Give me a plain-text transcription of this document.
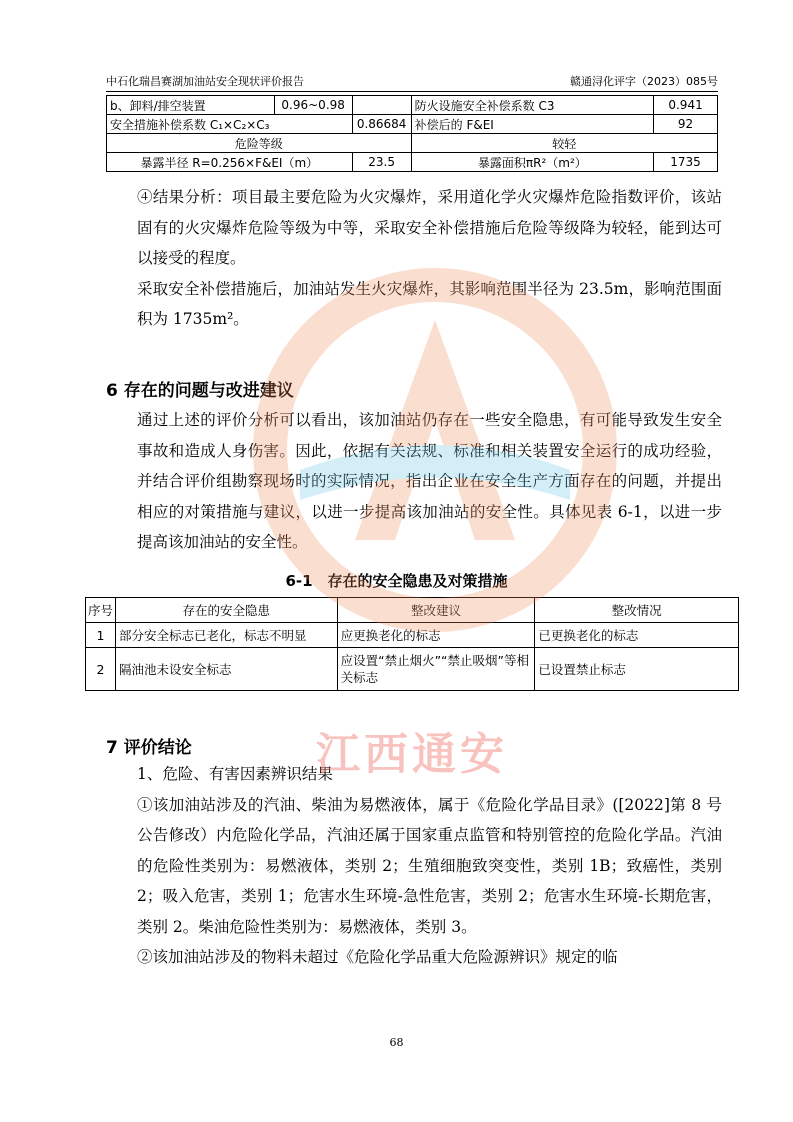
中石化瑞昌赛湖加油站安全现状评价报告	赣通浔化评字（2023）085号
b、卸料/排空装置	0.96~0.98		防火设施安全补偿系数 C3	0.941
安全措施补偿系数 C₁×C₂×C₃		0.86684	补偿后的 F&EI	92
危险等级			较轻	
暴露半径 R=0.256×F&EI（m）		23.5	暴露面积πR²（m²）	1735
④结果分析：项目最主要危险为火灾爆炸，采用道化学火灾爆炸危险指数评价，该站固有的火灾爆炸危险等级为中等，采取安全补偿措施后危险等级降为较轻，能到达可以接受的程度。
采取安全补偿措施后，加油站发生火灾爆炸，其影响范围半径为 23.5m，影响范围面积为 1735m²。
6 存在的问题与改进建议
通过上述的评价分析可以看出，该加油站仍存在一些安全隐患，有可能导致发生安全事故和造成人身伤害。因此，依据有关法规、标准和相关装置安全运行的成功经验，并结合评价组勘察现场时的实际情况，指出企业在安全生产方面存在的问题，并提出相应的对策措施与建议，以进一步提高该加油站的安全性。具体见表 6-1，以进一步提高该加油站的安全性。
6-1　存在的安全隐患及对策措施
序号	存在的安全隐患	整改建议	整改情况
1	部分安全标志已老化，标志不明显	应更换老化的标志	已更换老化的标志
2	隔油池未设安全标志	应设置“禁止烟火”“禁止吸烟”等相关标志	已设置禁止标志
7 评价结论
1、危险、有害因素辨识结果
①该加油站涉及的汽油、柴油为易燃液体，属于《危险化学品目录》([2022]第 8 号公告修改）内危险化学品，汽油还属于国家重点监管和特别管控的危险化学品。汽油的危险性类别为：易燃液体，类别 2；生殖细胞致突变性，类别 1B；致癌性，类别 2；吸入危害，类别 1；危害水生环境-急性危害，类别 2；危害水生环境-长期危害，类别 2。柴油危险性类别为：易燃液体，类别 3。
②该加油站涉及的物料未超过《危险化学品重大危险源辨识》规定的临
江西通安
68
